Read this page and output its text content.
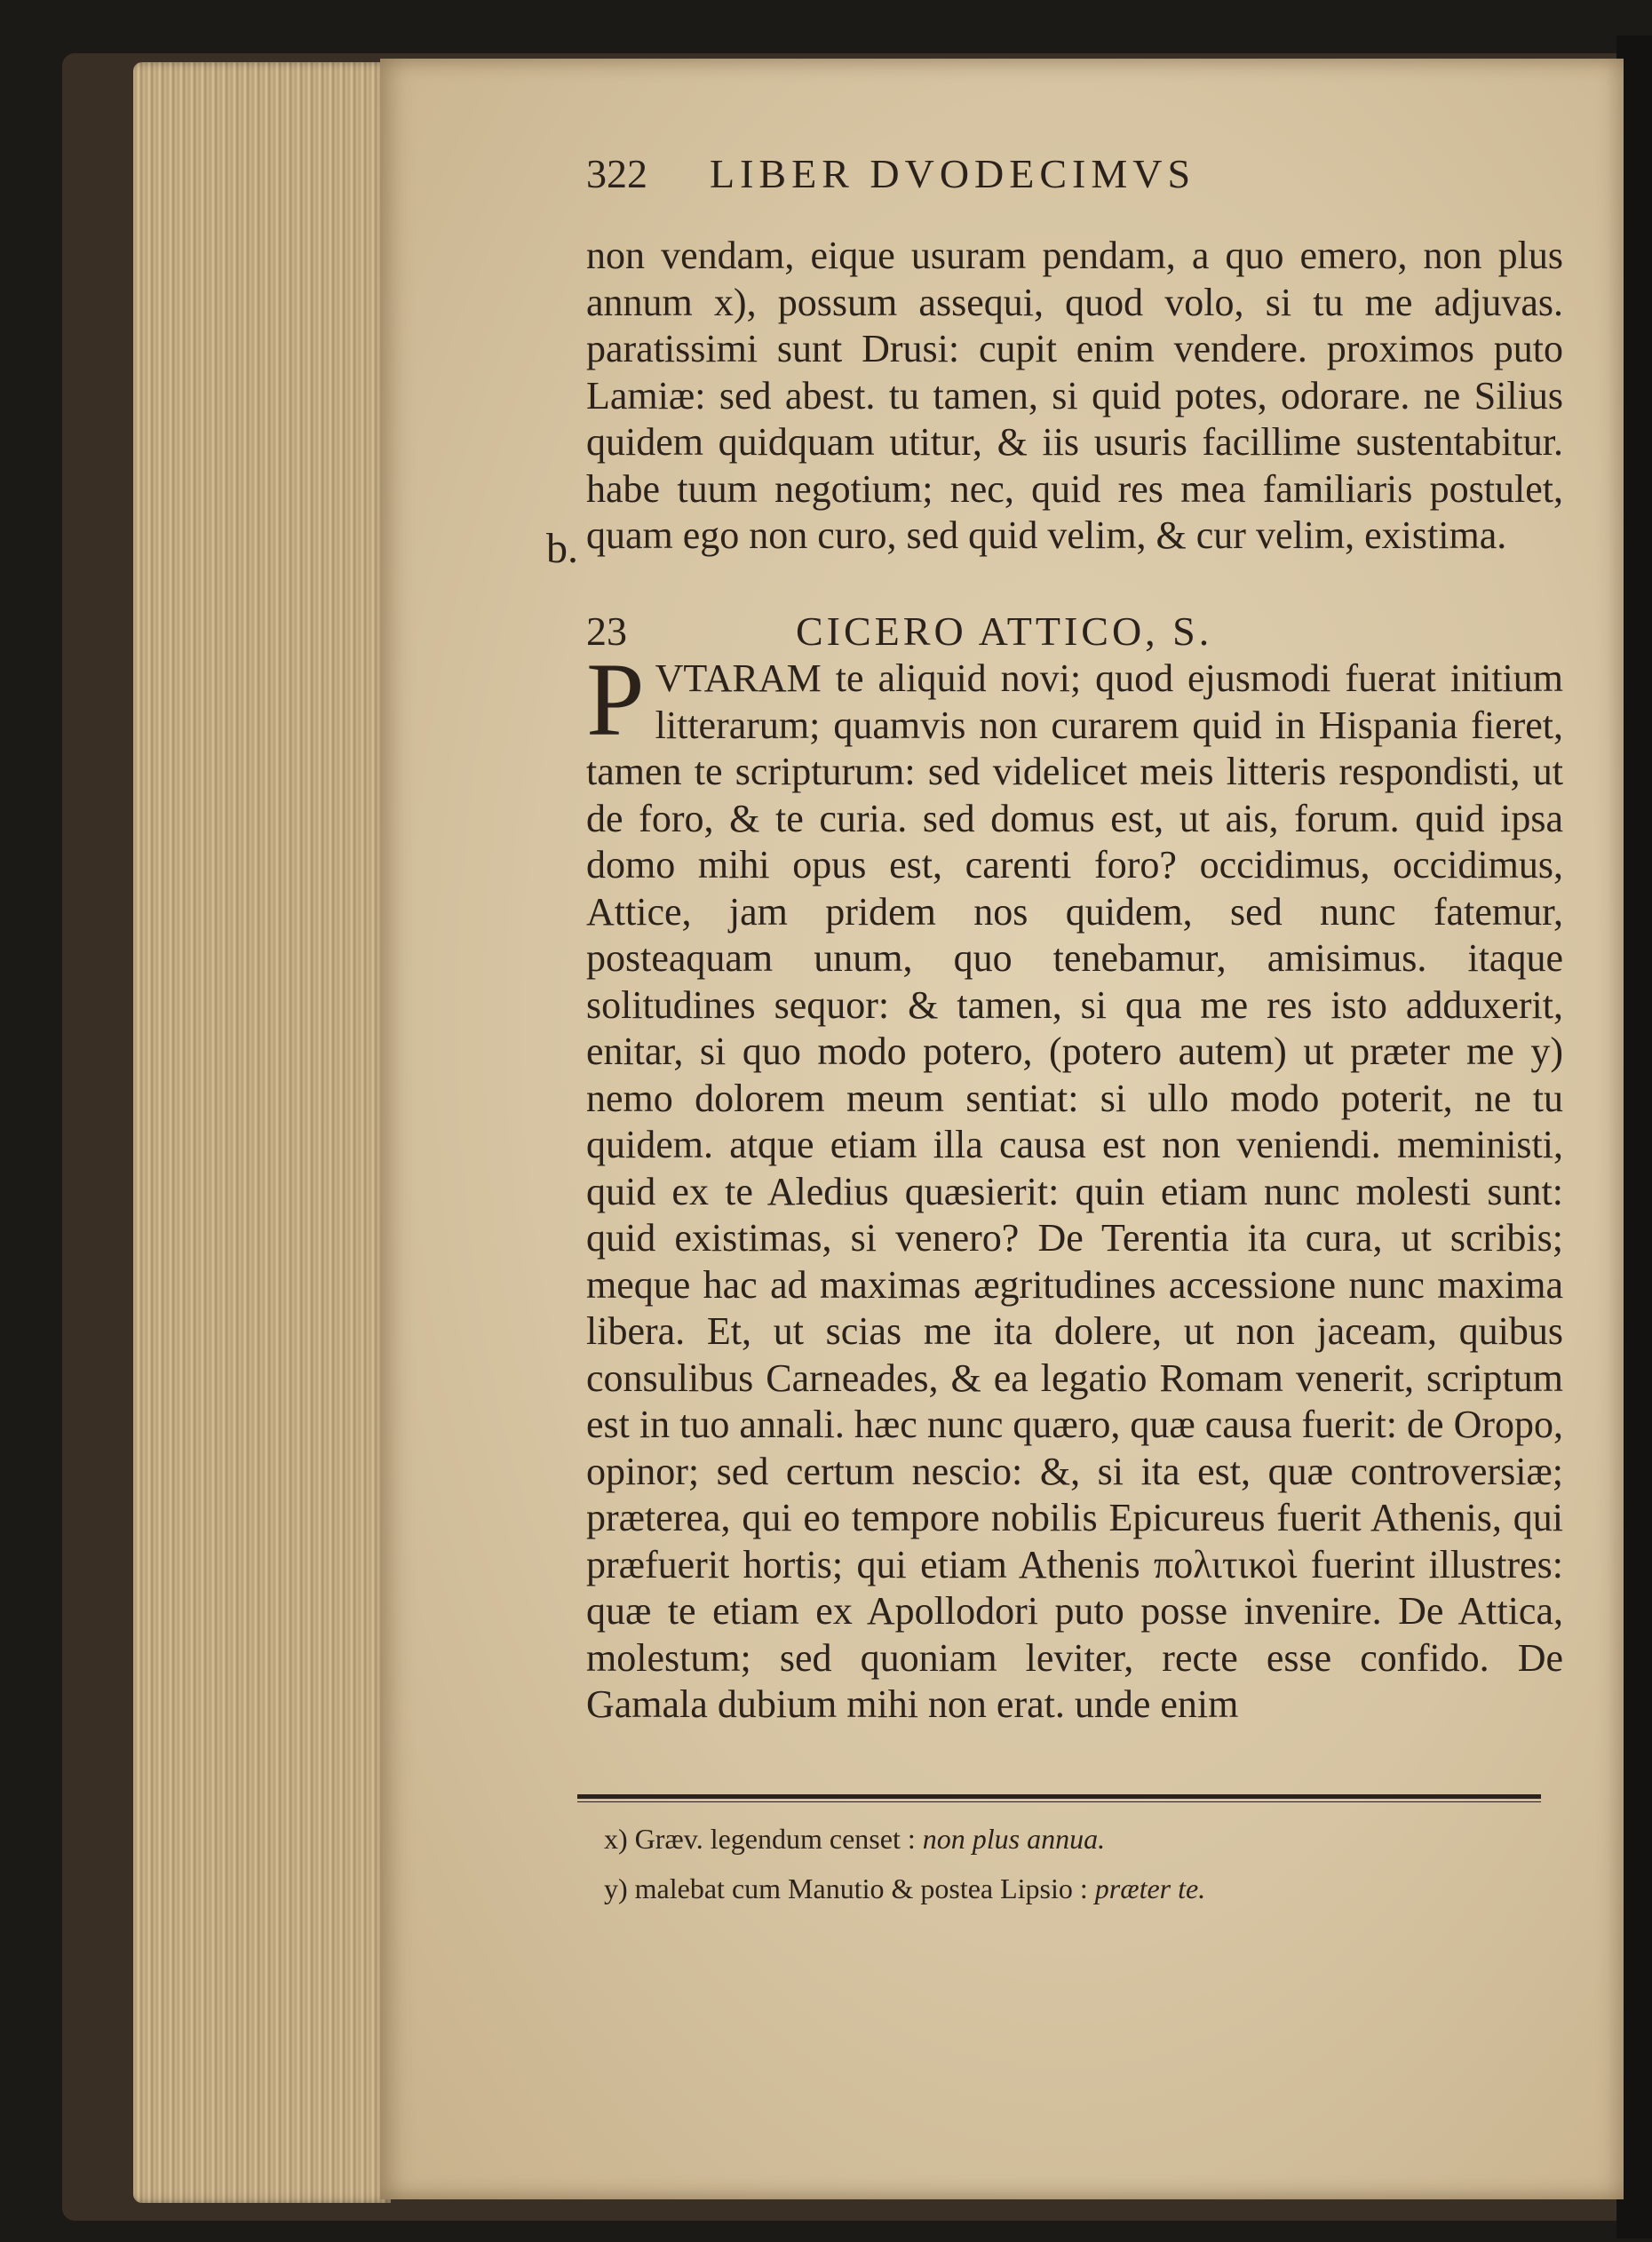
322 LIBER DVODECIMVS
non vendam, eique usuram pendam, a quo emero, non plus annum x), possum assequi, quod volo, si tu me adjuvas. paratissimi sunt Drusi: cupit enim vendere. proximos puto Lamiæ: sed abest. tu tamen, si quid potes, odorare. ne Silius quidem quidquam utitur, & iis usuris facillime sustentabitur. habe tuum negotium; nec, quid res mea familiaris postulet, quam ego non curo, sed quid velim, & cur velim, existima.
b.
23	CICERO ATTICO, S.
P VTARAM te aliquid novi; quod ejusmodi fuerat initium litterarum; quamvis non curarem quid in Hispania fieret, tamen te scripturum: sed videlicet meis litteris respondisti, ut de foro, & te curia. sed domus est, ut ais, forum. quid ipsa domo mihi opus est, carenti foro? occidimus, occidimus, Attice, jam pridem nos quidem, sed nunc fatemur, posteaquam unum, quo tenebamur, amisimus. itaque solitudines sequor: & tamen, si qua me res isto adduxerit, enitar, si quo modo potero, (potero autem) ut præter me y) nemo dolorem meum sentiat: si ullo modo poterit, ne tu quidem. atque etiam illa causa est non veniendi. meministi, quid ex te Aledius quæsierit: quin etiam nunc molesti sunt: quid existimas, si venero? De Terentia ita cura, ut scribis; meque hac ad maximas ægritudines accessione nunc maxima libera. Et, ut scias me ita dolere, ut non jaceam, quibus consulibus Carneades, & ea legatio Romam venerit, scriptum est in tuo annali. hæc nunc quæro, quæ causa fuerit: de Oropo, opinor; sed certum nescio: &, si ita est, quæ controversiæ; præterea, qui eo tempore nobilis Epicureus fuerit Athenis, qui præfuerit hortis; qui etiam Athenis πολιτικοὶ fuerint illustres: quæ te etiam ex Apollodori puto posse invenire. De Attica, molestum; sed quoniam leviter, recte esse confido. De Gamala dubium mihi non erat. unde enim
x) Græv. legendum censet : non plus annua.
y) malebat cum Manutio & postea Lipsio : præter te.
